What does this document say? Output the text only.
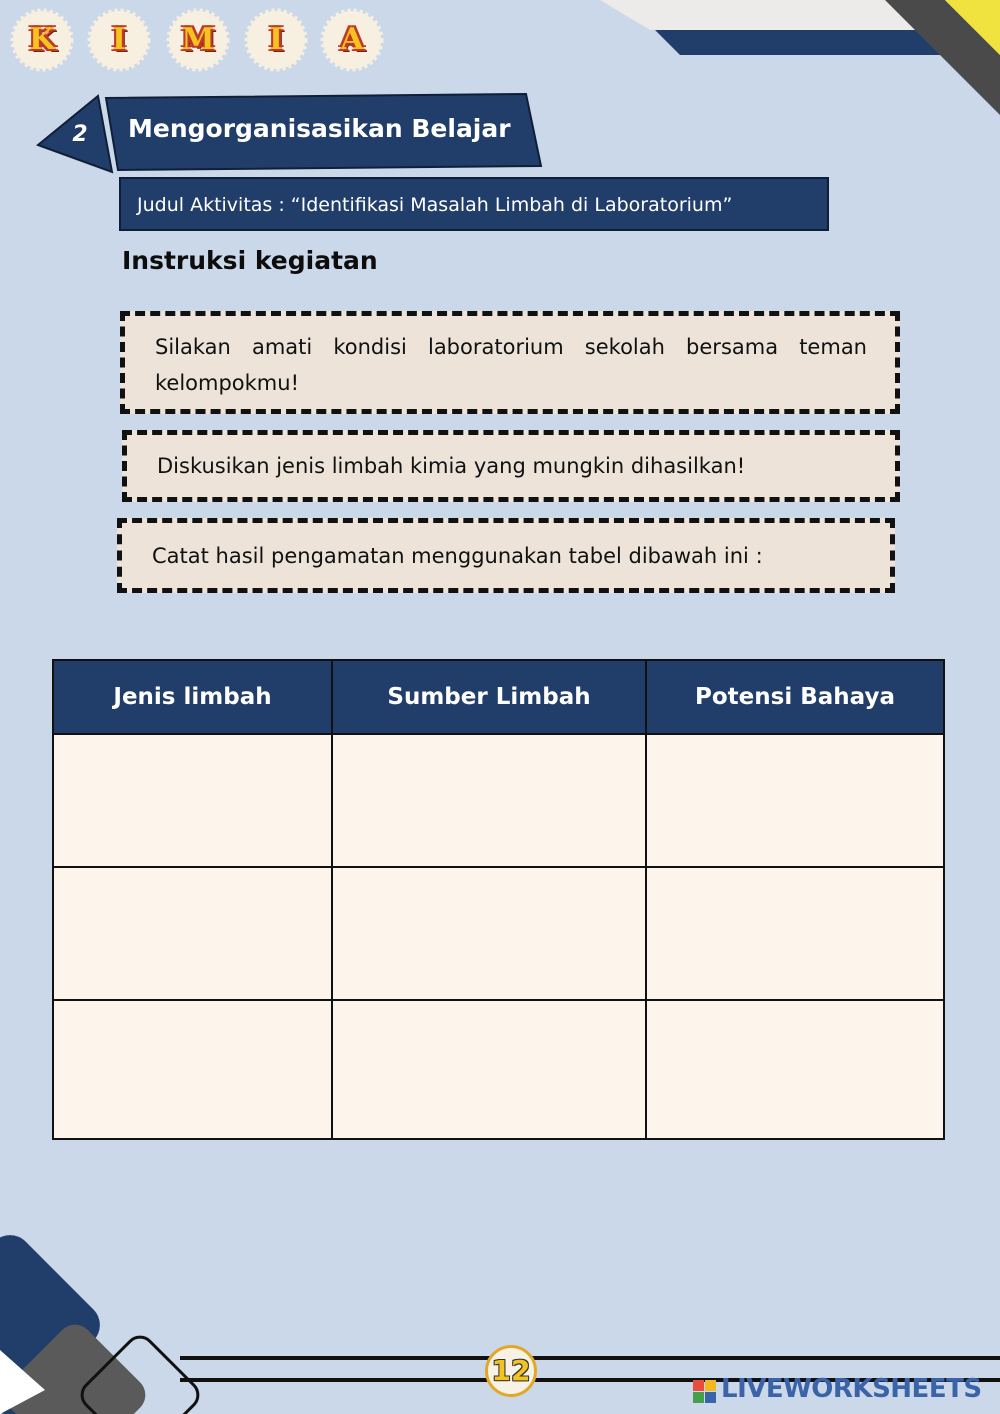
K	I	M	I	A
2 Mengorganisasikan Belajar
Judul Aktivitas : “Identifikasi Masalah Limbah di Laboratorium”
Instruksi kegiatan
Silakan amati kondisi laboratorium sekolah bersama teman kelompokmu!
Diskusikan jenis limbah kimia yang mungkin dihasilkan!
Catat hasil pengamatan menggunakan tabel dibawah ini :
Jenis limbah	Sumber Limbah	Potensi Bahaya

12
LIVEWORKSHEETS
